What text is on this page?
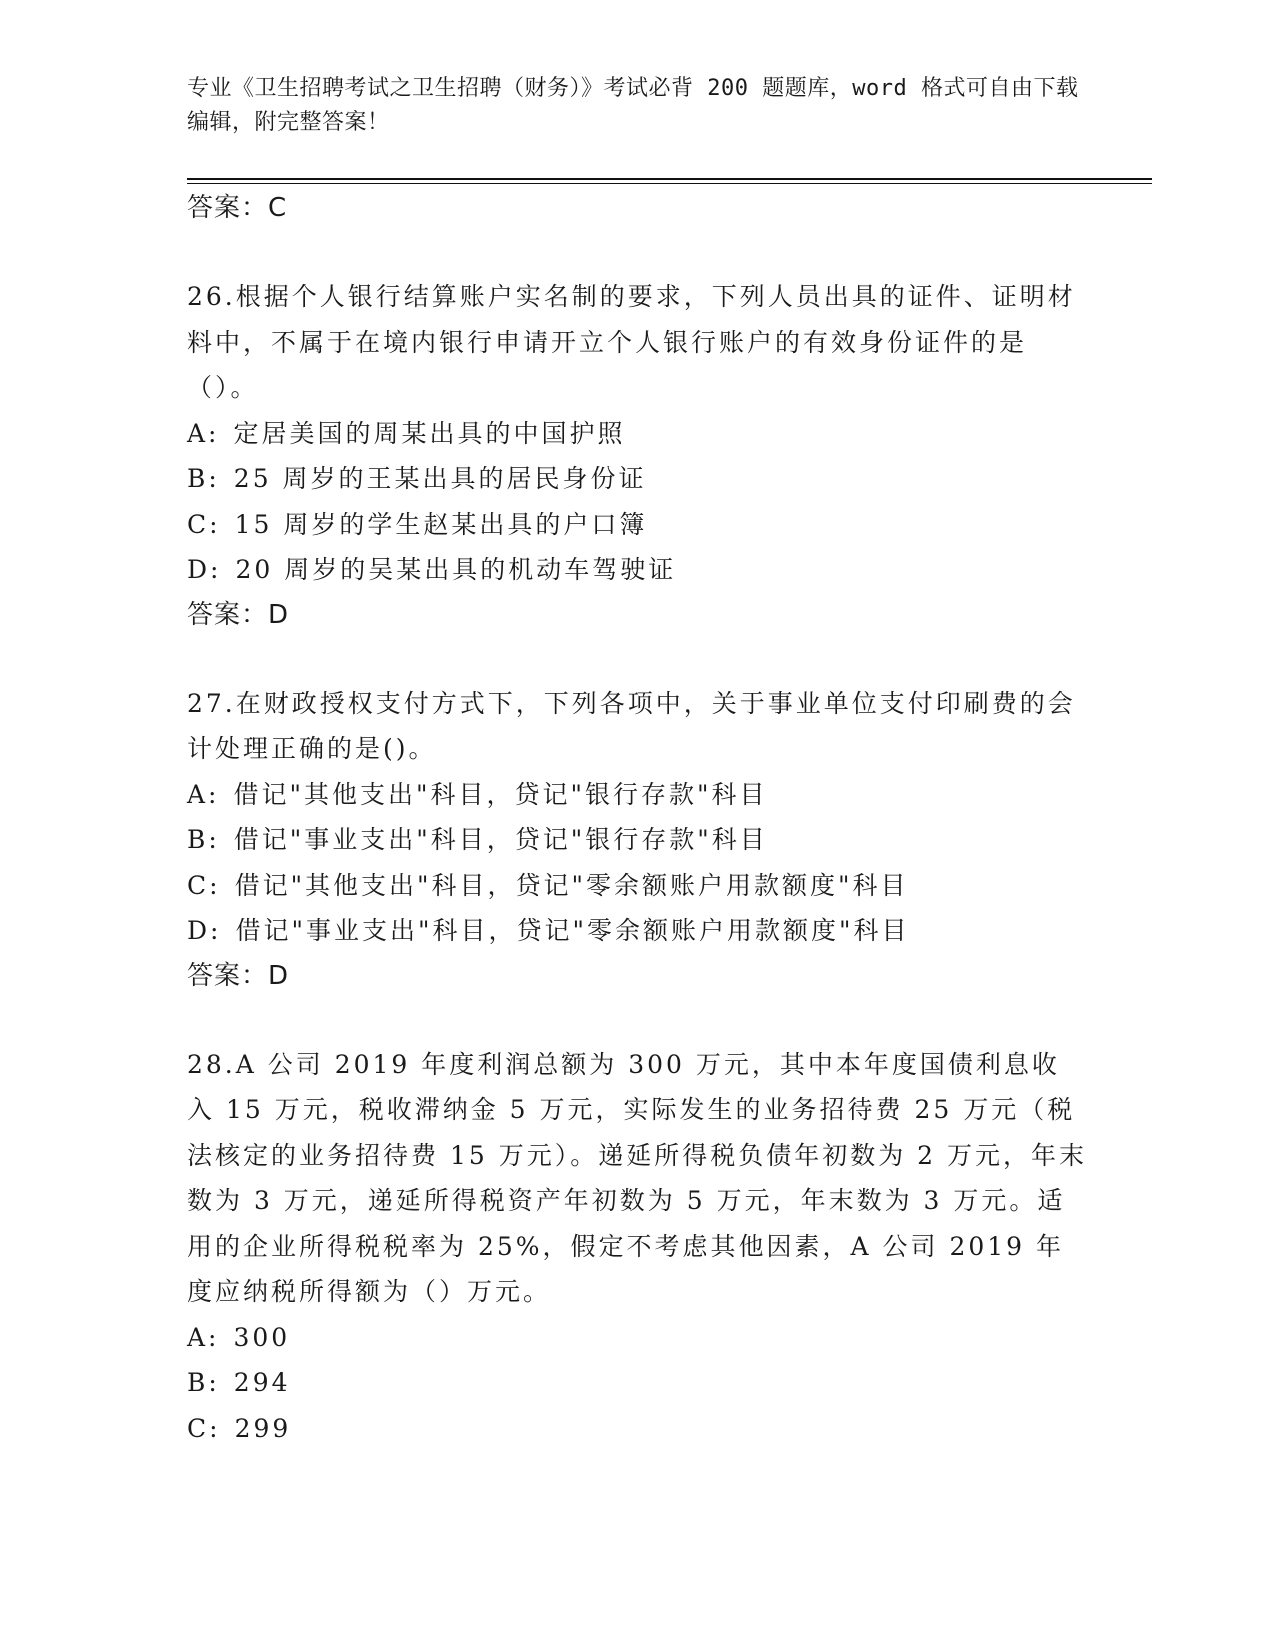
专业《卫生招聘考试之卫生招聘（财务）》考试必背 200 题题库，word 格式可自由下载编辑，附完整答案！
答案：C
26.根据个人银行结算账户实名制的要求，下列人员出具的证件、证明材料中，不属于在境内银行申请开立个人银行账户的有效身份证件的是（）。
A: 定居美国的周某出具的中国护照
B: 25 周岁的王某出具的居民身份证
C: 15 周岁的学生赵某出具的户口簿
D: 20 周岁的吴某出具的机动车驾驶证
答案：D
27.在财政授权支付方式下，下列各项中，关于事业单位支付印刷费的会计处理正确的是()。
A: 借记"其他支出"科目，贷记"银行存款"科目
B: 借记"事业支出"科目，贷记"银行存款"科目
C: 借记"其他支出"科目，贷记"零余额账户用款额度"科目
D: 借记"事业支出"科目，贷记"零余额账户用款额度"科目
答案：D
28.A 公司 2019 年度利润总额为 300 万元，其中本年度国债利息收入 15 万元，税收滞纳金 5 万元，实际发生的业务招待费 25 万元（税法核定的业务招待费 15 万元）。递延所得税负债年初数为 2 万元，年末数为 3 万元，递延所得税资产年初数为 5 万元，年末数为 3 万元。适用的企业所得税税率为 25%，假定不考虑其他因素，A 公司 2019 年度应纳税所得额为（）万元。
A: 300
B: 294
C: 299
